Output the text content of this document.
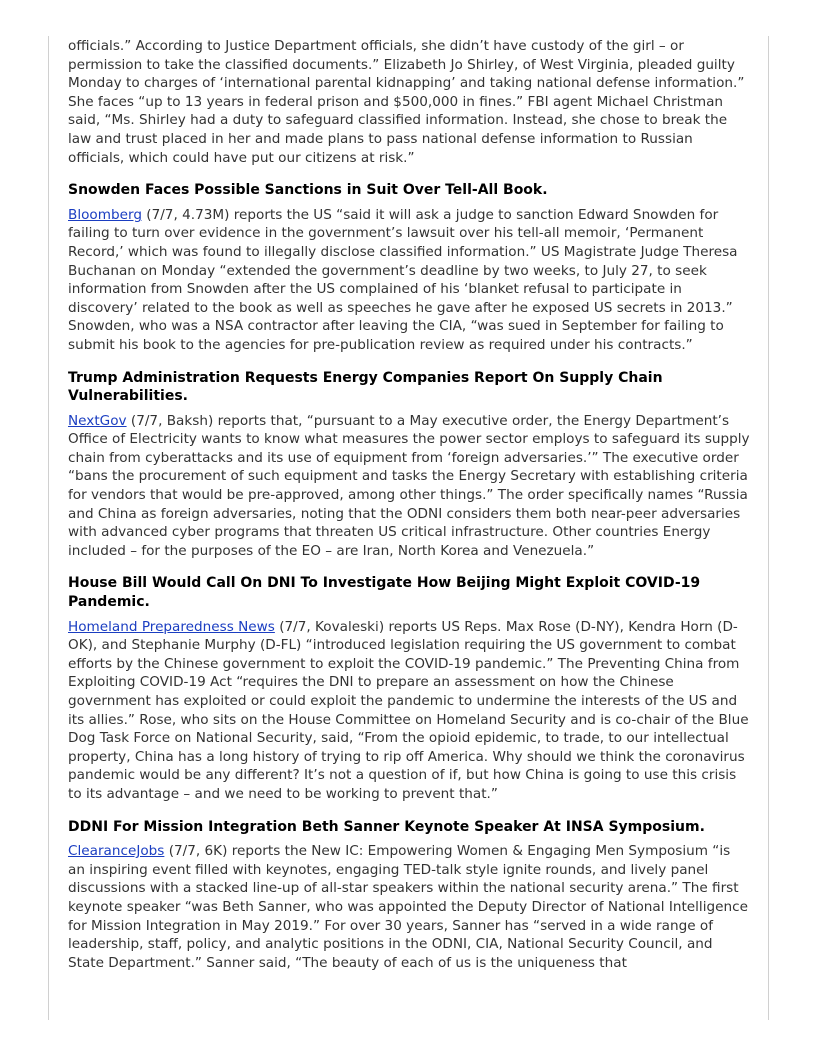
officials.” According to Justice Department officials, she didn’t have custody of the girl – or permission to take the classified documents.” Elizabeth Jo Shirley, of West Virginia, pleaded guilty Monday to charges of ‘international parental kidnapping’ and taking national defense information.” She faces “up to 13 years in federal prison and $500,000 in fines.” FBI agent Michael Christman said, “Ms. Shirley had a duty to safeguard classified information. Instead, she chose to break the law and trust placed in her and made plans to pass national defense information to Russian officials, which could have put our citizens at risk.”

Snowden Faces Possible Sanctions in Suit Over Tell-All Book.

Bloomberg (7/7, 4.73M) reports the US “said it will ask a judge to sanction Edward Snowden for failing to turn over evidence in the government’s lawsuit over his tell-all memoir, ‘Permanent Record,’ which was found to illegally disclose classified information.” US Magistrate Judge Theresa Buchanan on Monday “extended the government’s deadline by two weeks, to July 27, to seek information from Snowden after the US complained of his ‘blanket refusal to participate in discovery’ related to the book as well as speeches he gave after he exposed US secrets in 2013.” Snowden, who was a NSA contractor after leaving the CIA, “was sued in September for failing to submit his book to the agencies for pre-publication review as required under his contracts.”

Trump Administration Requests Energy Companies Report On Supply Chain Vulnerabilities.

NextGov (7/7, Baksh) reports that, “pursuant to a May executive order, the Energy Department’s Office of Electricity wants to know what measures the power sector employs to safeguard its supply chain from cyberattacks and its use of equipment from ‘foreign adversaries.’” The executive order “bans the procurement of such equipment and tasks the Energy Secretary with establishing criteria for vendors that would be pre-approved, among other things.” The order specifically names “Russia and China as foreign adversaries, noting that the ODNI considers them both near-peer adversaries with advanced cyber programs that threaten US critical infrastructure. Other countries Energy included – for the purposes of the EO – are Iran, North Korea and Venezuela.”

House Bill Would Call On DNI To Investigate How Beijing Might Exploit COVID-19 Pandemic.

Homeland Preparedness News (7/7, Kovaleski) reports US Reps. Max Rose (D-NY), Kendra Horn (D-OK), and Stephanie Murphy (D-FL) “introduced legislation requiring the US government to combat efforts by the Chinese government to exploit the COVID-19 pandemic.” The Preventing China from Exploiting COVID-19 Act “requires the DNI to prepare an assessment on how the Chinese government has exploited or could exploit the pandemic to undermine the interests of the US and its allies.” Rose, who sits on the House Committee on Homeland Security and is co-chair of the Blue Dog Task Force on National Security, said, “From the opioid epidemic, to trade, to our intellectual property, China has a long history of trying to rip off America. Why should we think the coronavirus pandemic would be any different? It’s not a question of if, but how China is going to use this crisis to its advantage – and we need to be working to prevent that.”

DDNI For Mission Integration Beth Sanner Keynote Speaker At INSA Symposium.

ClearanceJobs (7/7, 6K) reports the New IC: Empowering Women & Engaging Men Symposium “is an inspiring event filled with keynotes, engaging TED-talk style ignite rounds, and lively panel discussions with a stacked line-up of all-star speakers within the national security arena.” The first keynote speaker “was Beth Sanner, who was appointed the Deputy Director of National Intelligence for Mission Integration in May 2019.” For over 30 years, Sanner has “served in a wide range of leadership, staff, policy, and analytic positions in the ODNI, CIA, National Security Council, and State Department.” Sanner said, “The beauty of each of us is the uniqueness that
